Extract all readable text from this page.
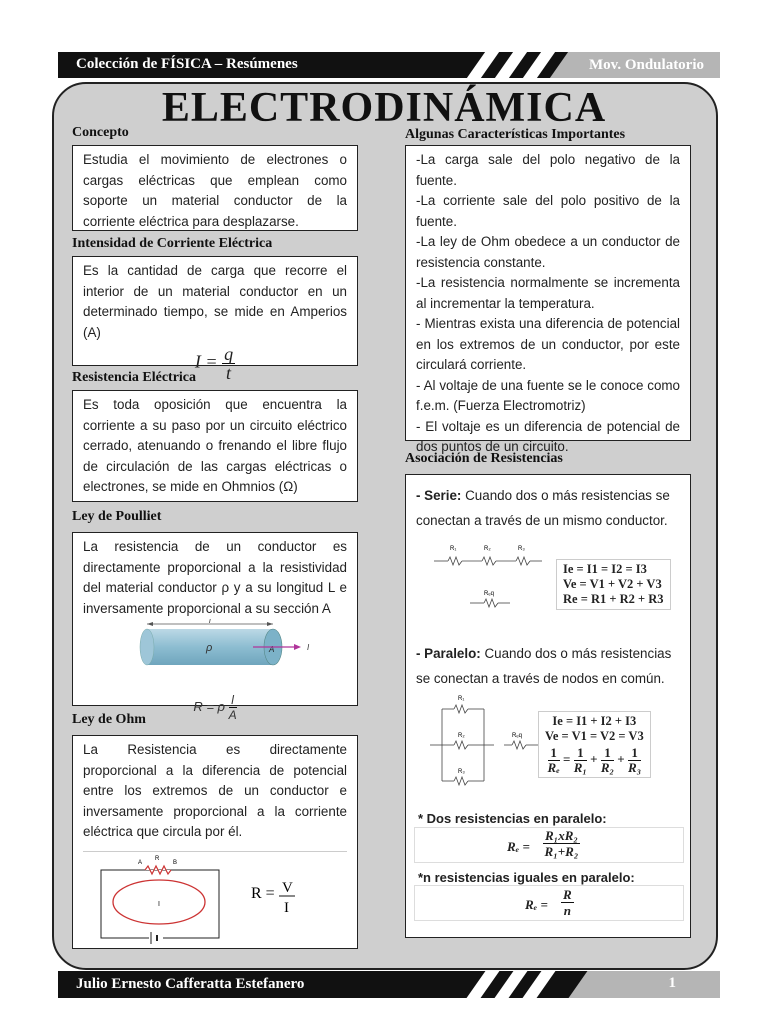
Colección de FÍSICA – Resúmenes	Mov. Ondulatorio
ELECTRODINÁMICA
Concepto

Estudia el movimiento de electrones o cargas eléctricas que emplean como soporte un material conductor de la corriente eléctrica para desplazarse.

Intensidad de Corriente Eléctrica

Es la cantidad de carga que recorre el interior de un material conductor en un determinado tiempo, se mide en Amperios (A)

$I = \frac{q}{t}$
Resistencia Eléctrica

Es toda oposición que encuentra la corriente a su paso por un circuito eléctrico cerrado, atenuando o frenando el libre flujo de circulación de las cargas eléctricas o electrones, se mide en Ohmnios (Ω)

Ley de Poulliet

La resistencia de un conductor es directamente proporcional a la resistividad del material conductor ρ y a su longitud L e inversamente proporcional a su sección A

l
ρ	A	I
R = ρ $\frac{l}{A}$
Ley de Ohm

La Resistencia es directamente proporcional a la diferencia de potencial entre los extremos de un conductor e inversamente proporcional a la corriente eléctrica que circula por él.

A
R
B
I
R = V
I
Algunas Características Importantes

-La carga sale del polo negativo de la fuente.

-La corriente sale del polo positivo de la fuente.

-La ley de Ohm obedece a un conductor de resistencia constante.

-La resistencia normalmente se incrementa al incrementar la temperatura.

- Mientras exista una diferencia de potencial en los extremos de un conductor, por este circulará corriente.

- Al voltaje de una fuente se le conoce como f.e.m. (Fuerza Electromotriz)

- El voltaje es un diferencia de potencial de dos puntos de un circuito.

Asociación de Resistencias

- Serie: Cuando dos o más resistencias se conectan a través de un mismo conductor.

R₁	R₂	R₃
Rₑq
Ie = I1 = I2 = I3
Ve = V1 + V2 + V3
Re = R1 + R2 + R3

- Paralelo: Cuando dos o más resistencias se conectan a través de nodos en común.

R₁
R₂
R₃
Rₑq
Ie = I1 + I2 + I3
Ve = V1 = V2 = V3
$\frac{1}{\text{Rₑ}} = \frac{1}{\text{R₁}} + \frac{1}{\text{R₂}} + \frac{1}{\text{R₃}}$
* Dos resistencias en paralelo:
Rₑ =
R₁xR₂
R₁+R₂
*n resistencias iguales en paralelo:
Rₑ =
R
n
Julio Ernesto Cafferatta Estefanero	1
